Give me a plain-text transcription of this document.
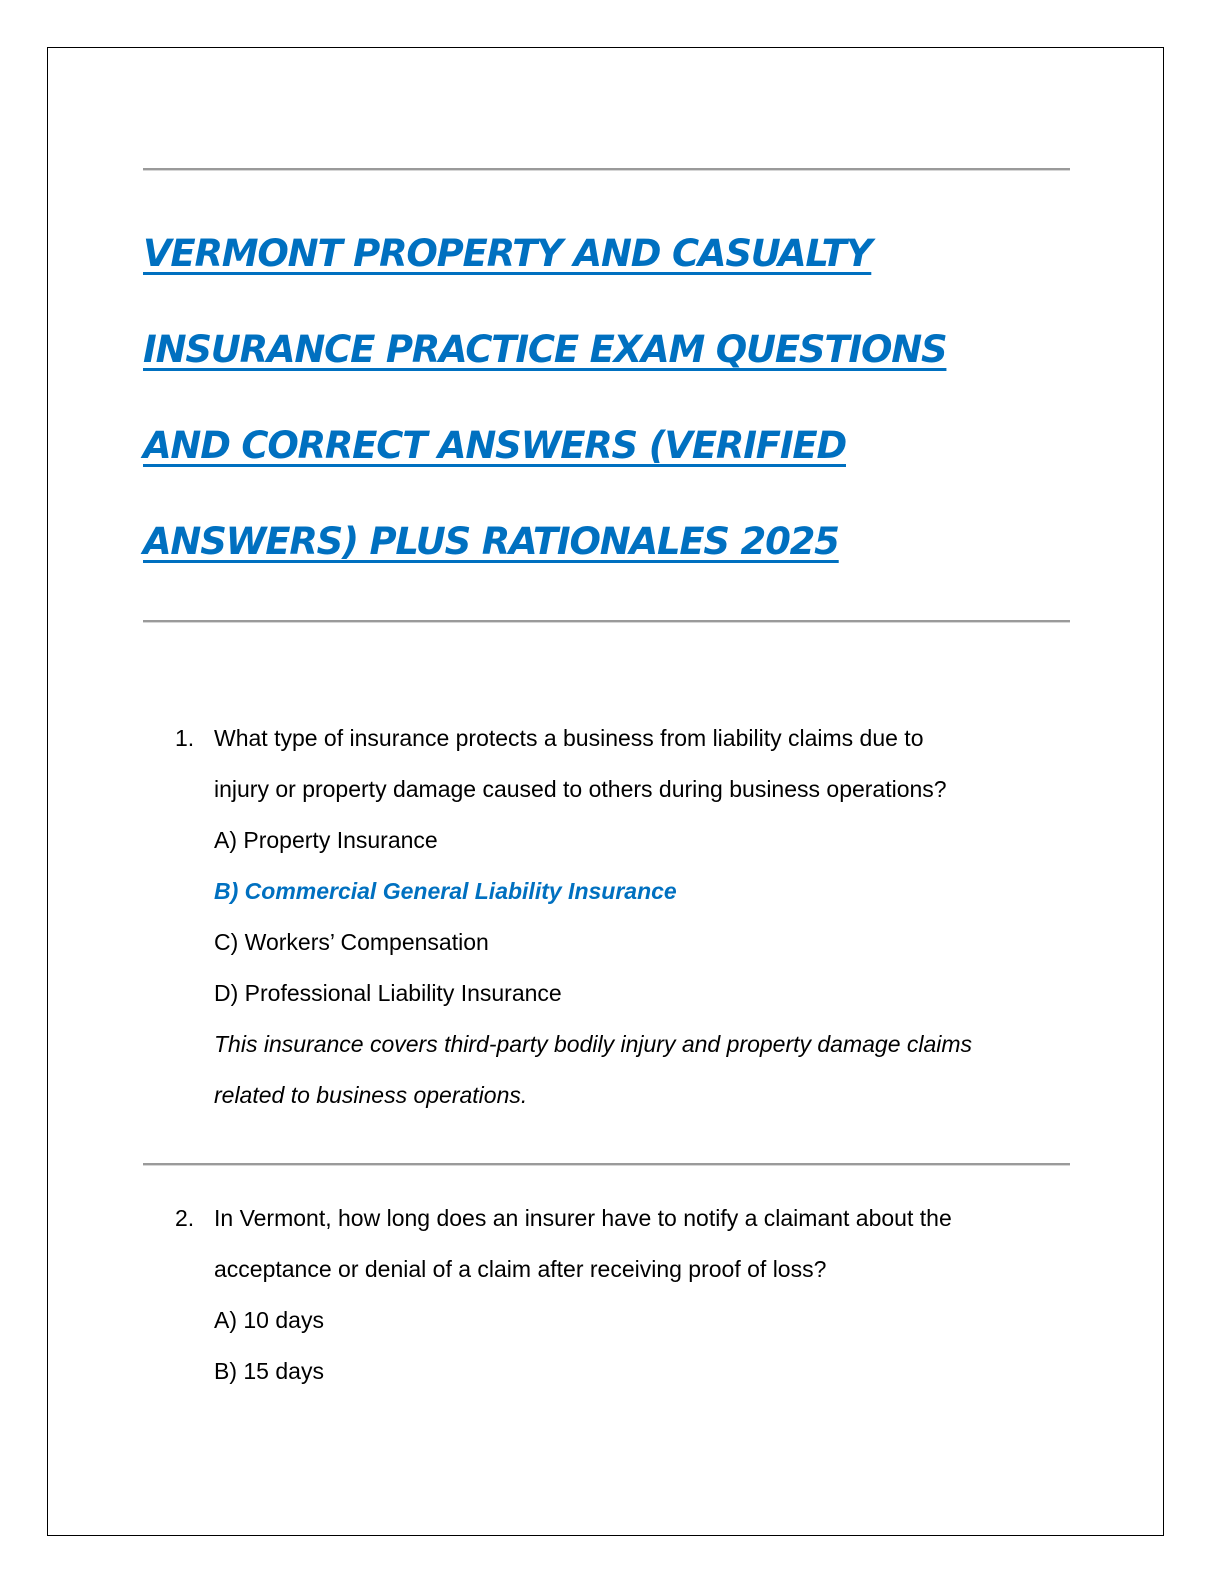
VERMONT PROPERTY AND CASUALTY
INSURANCE PRACTICE EXAM QUESTIONS
AND CORRECT ANSWERS (VERIFIED
ANSWERS) PLUS RATIONALES 2025
1. What type of insurance protects a business from liability claims due to
injury or property damage caused to others during business operations?
A) Property Insurance
B) Commercial General Liability Insurance
C) Workers’ Compensation
D) Professional Liability Insurance
This insurance covers third-party bodily injury and property damage claims
related to business operations.
2. In Vermont, how long does an insurer have to notify a claimant about the
acceptance or denial of a claim after receiving proof of loss?
A) 10 days
B) 15 days
